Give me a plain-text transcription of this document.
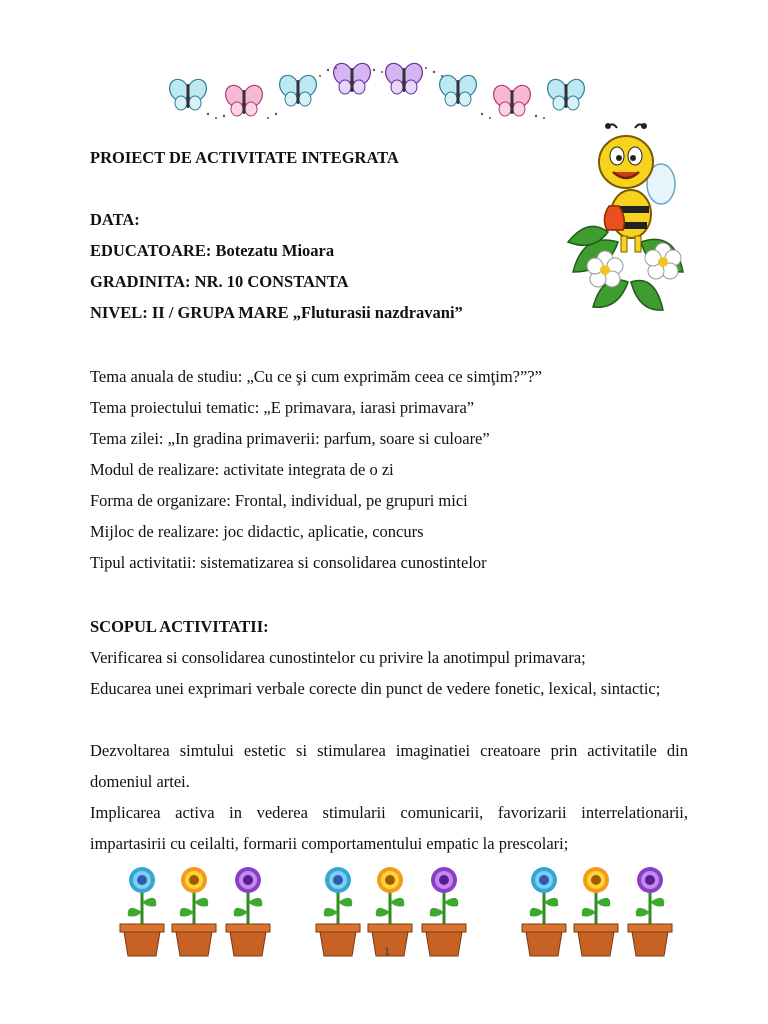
PROIECT DE ACTIVITATE INTEGRATA
DATA:
EDUCATOARE: Botezatu Mioara
GRADINITA: NR. 10 CONSTANTA
NIVEL: II / GRUPA MARE „Fluturasii nazdravani”
Tema anuala de studiu: „Cu ce şi cum exprimăm ceea ce simţim?”?”
Tema proiectului tematic: „E primavara, iarasi primavara”
Tema zilei: „In gradina primaverii: parfum, soare si culoare”
Modul de realizare: activitate integrata de o zi
Forma de organizare: Frontal, individual, pe grupuri mici
Mijloc de realizare: joc didactic, aplicatie, concurs
Tipul activitatii: sistematizarea si consolidarea cunostintelor
SCOPUL ACTIVITATII:
Verificarea si consolidarea cunostintelor cu privire la anotimpul primavara;
Educarea unei exprimari verbale corecte din punct de vedere fonetic, lexical, sintactic;
Dezvoltarea simtului estetic si stimularea imaginatiei creatoare prin activitatile din domeniul artei.
Implicarea activa in vederea stimularii comunicarii, favorizarii interrelationarii, impartasirii cu ceilalti, formarii comportamentului empatic la prescolari;
1
